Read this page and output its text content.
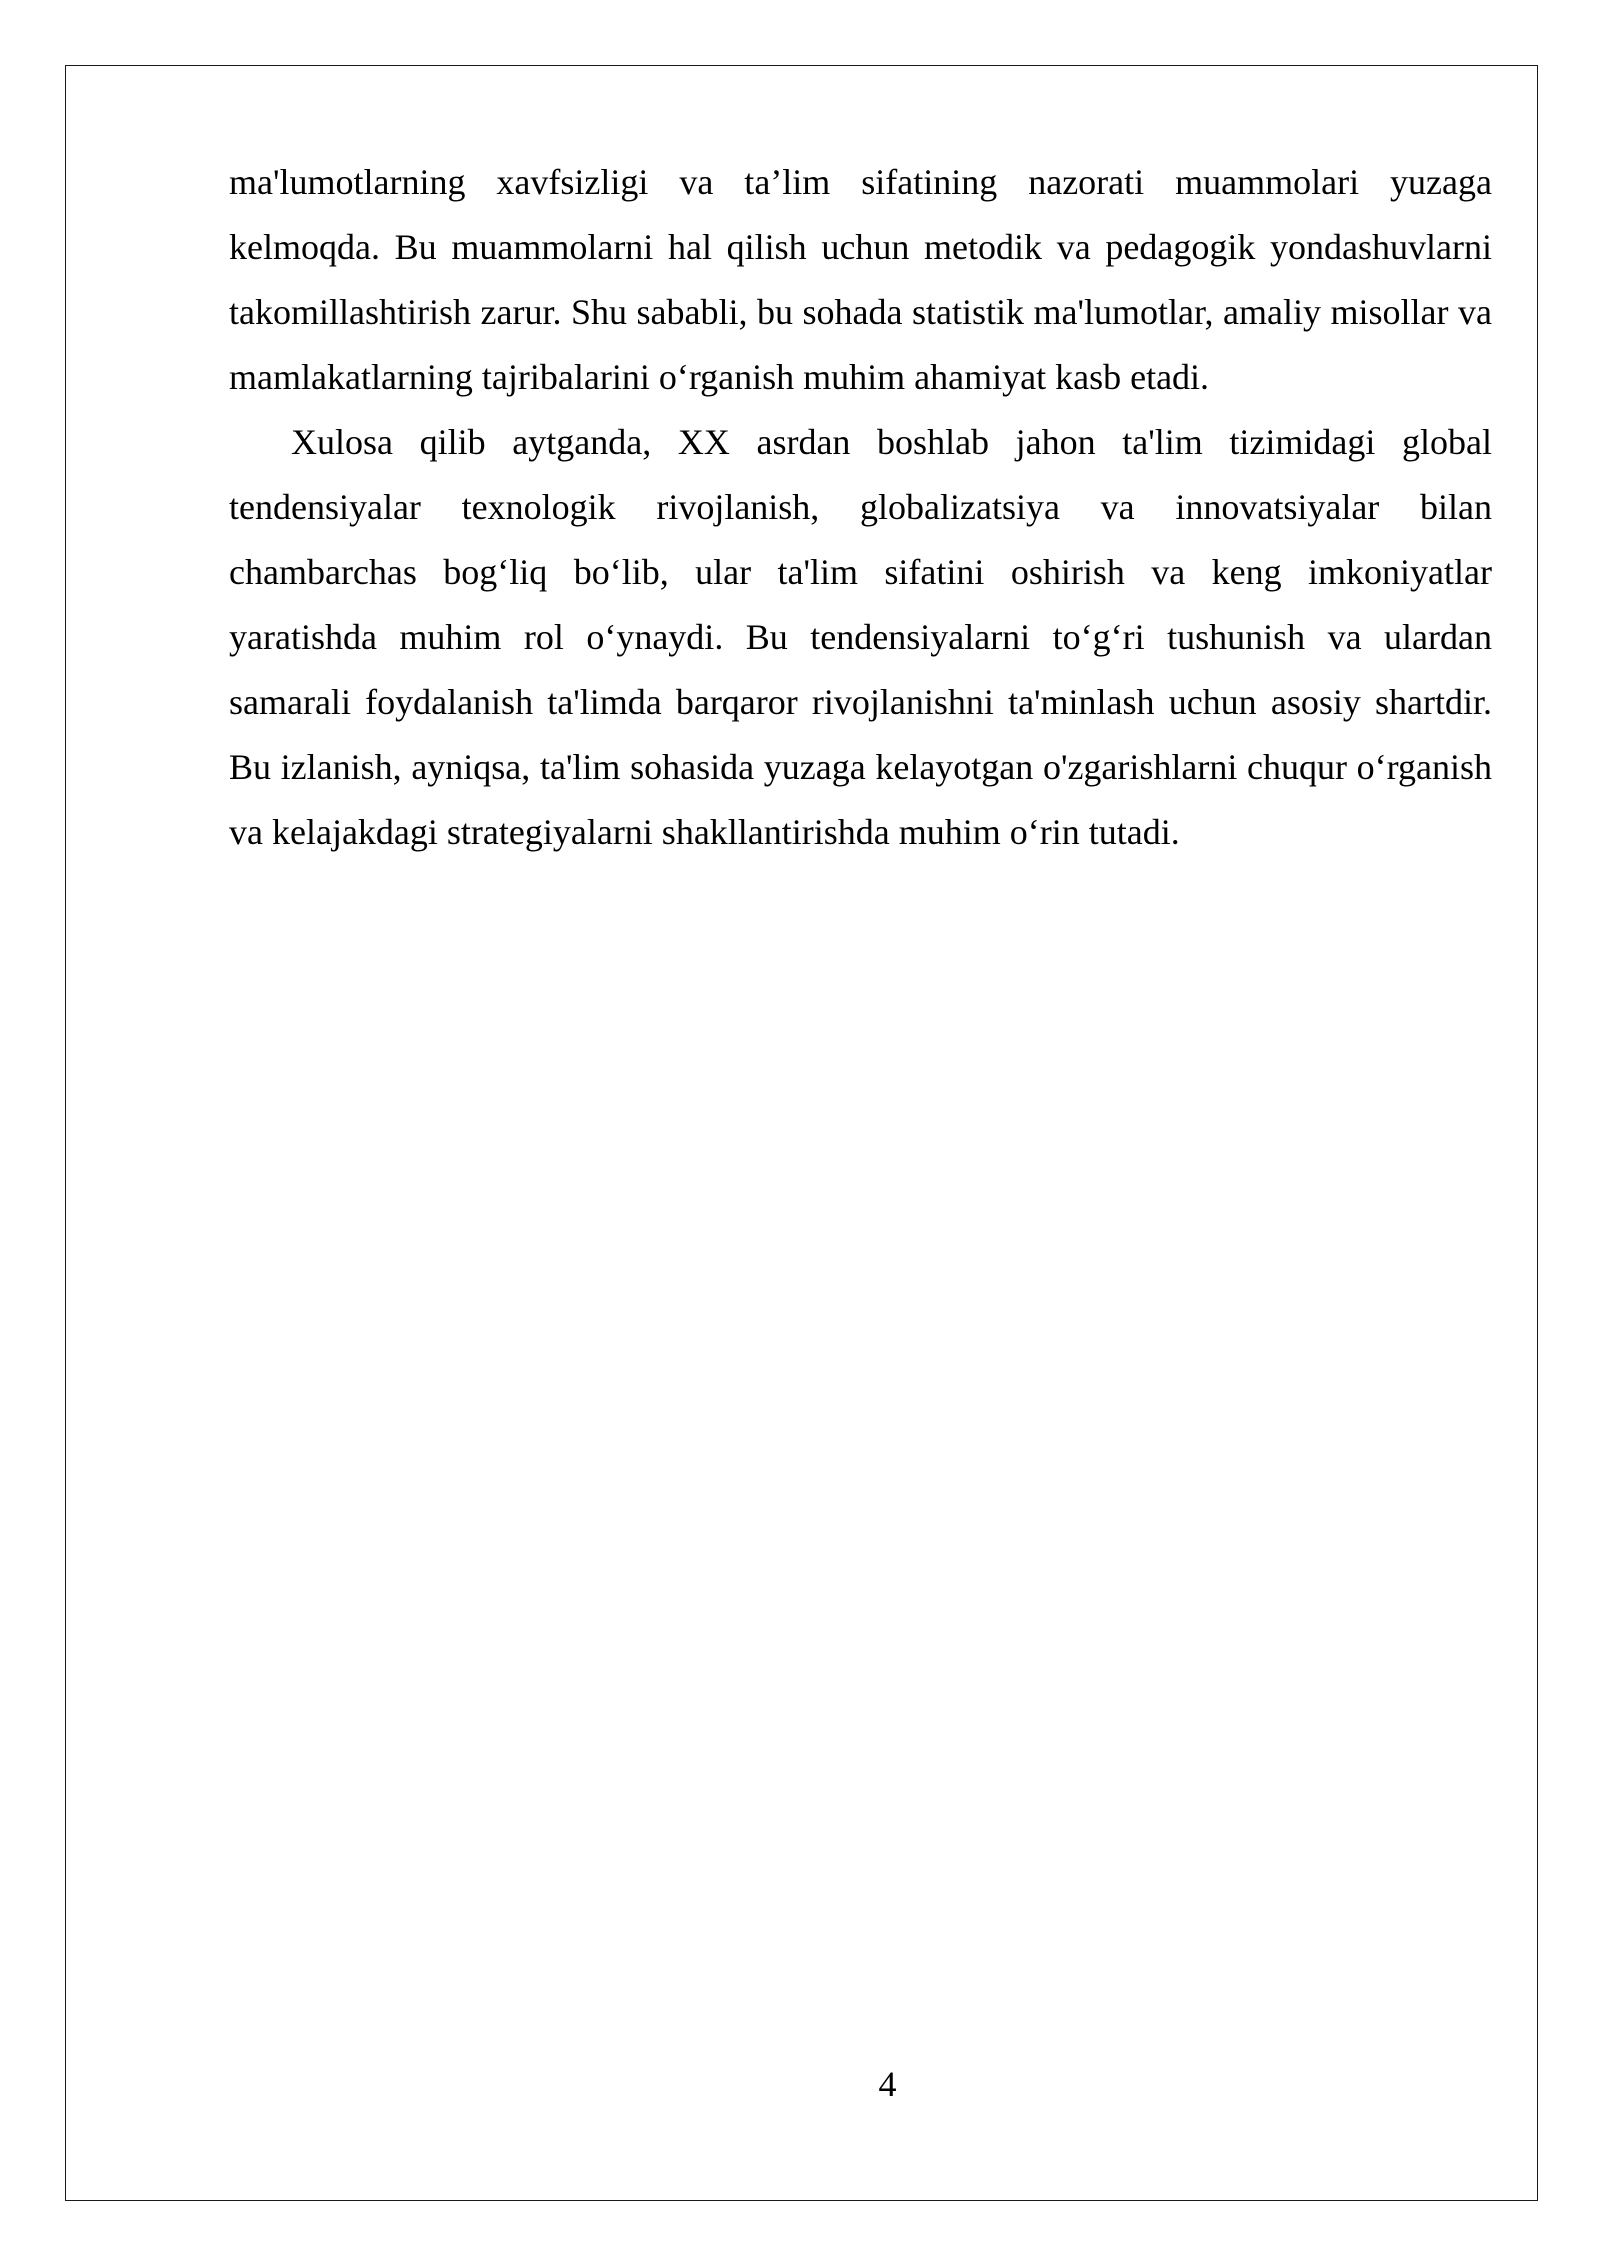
ma'lumotlarning xavfsizligi va ta’lim sifatining nazorati muammolari yuzaga kelmoqda. Bu muammolarni hal qilish uchun metodik va pedagogik yondashuvlarni takomillashtirish zarur. Shu sababli, bu sohada statistik ma'lumotlar, amaliy misollar va mamlakatlarning tajribalarini o‘rganish muhim ahamiyat kasb etadi.

Xulosa qilib aytganda, XX asrdan boshlab jahon ta'lim tizimidagi global tendensiyalar texnologik rivojlanish, globalizatsiya va innovatsiyalar bilan chambarchas bog‘liq bo‘lib, ular ta'lim sifatini oshirish va keng imkoniyatlar yaratishda muhim rol o‘ynaydi. Bu tendensiyalarni to‘g‘ri tushunish va ulardan samarali foydalanish ta'limda barqaror rivojlanishni ta'minlash uchun asosiy shartdir. Bu izlanish, ayniqsa, ta'lim sohasida yuzaga kelayotgan o'zgarishlarni chuqur o‘rganish va kelajakdagi strategiyalarni shakllantirishda muhim o‘rin tutadi.

4
